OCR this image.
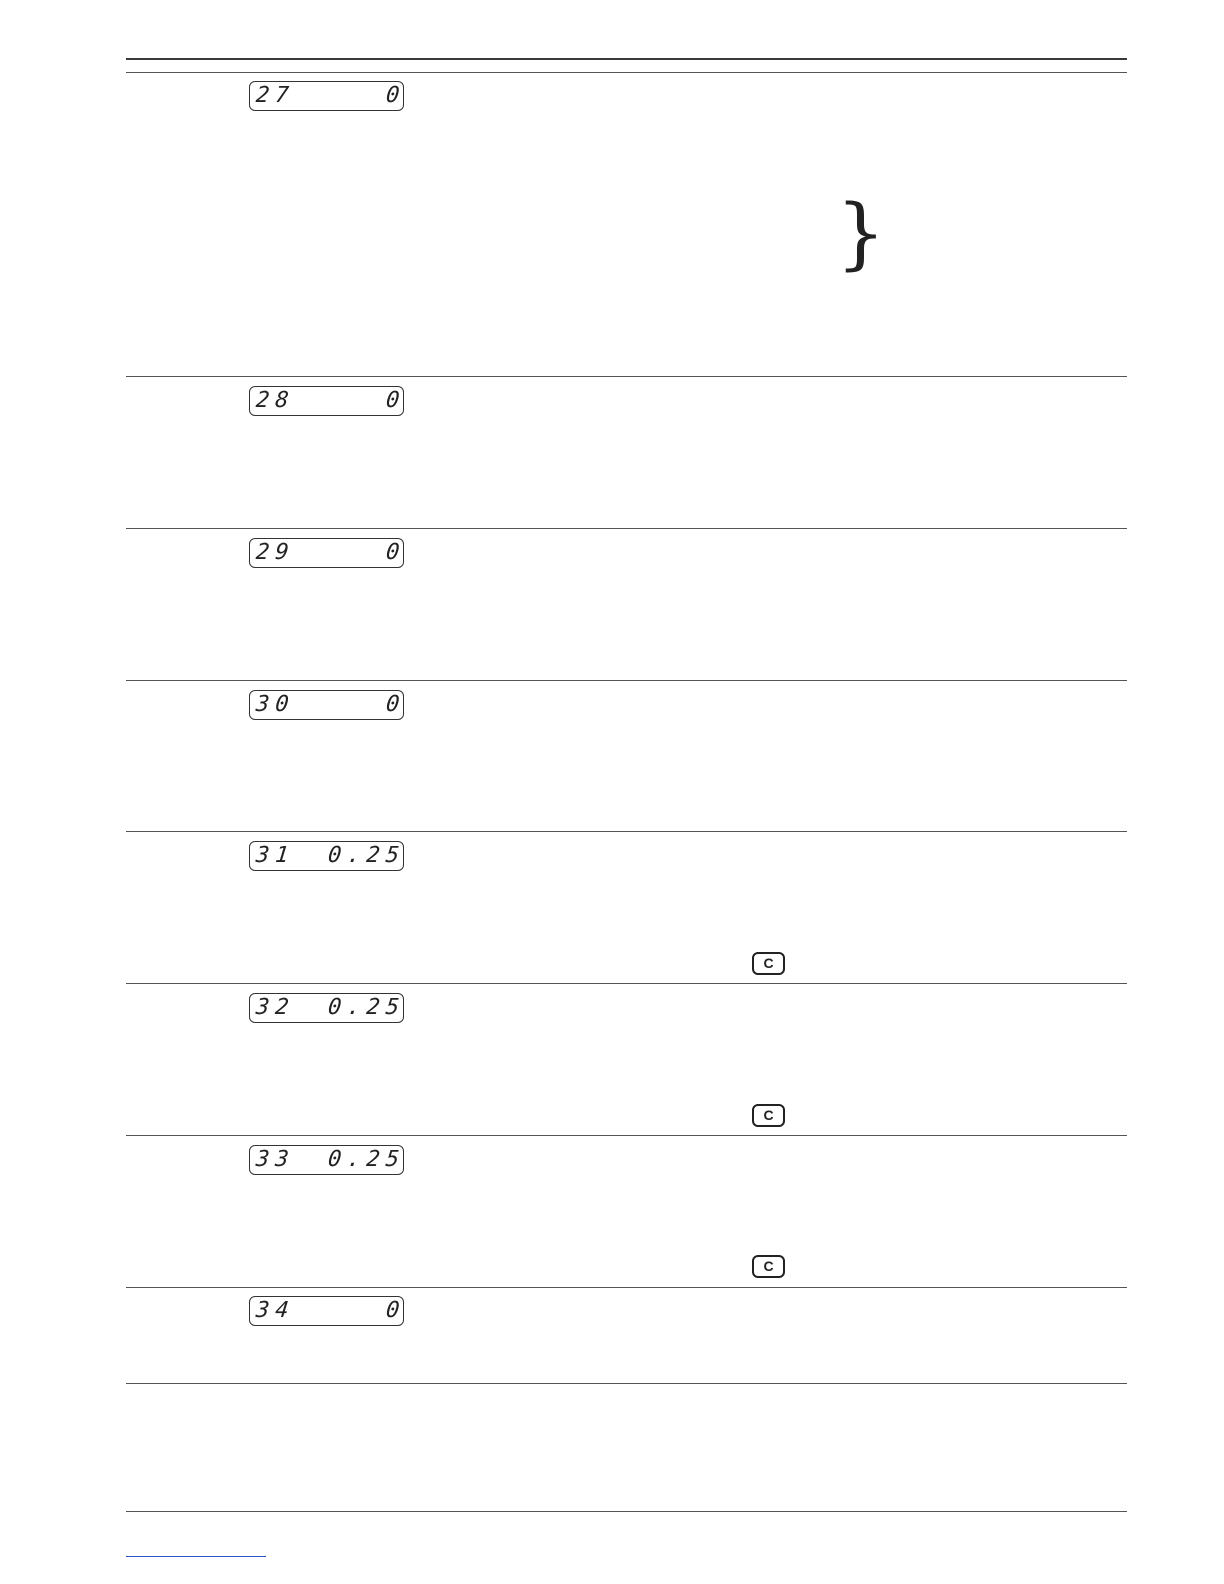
27	0
}
28	0
29	0
30	0
31 0.25
C
32 0.25
C
33 0.25
C
34	0
